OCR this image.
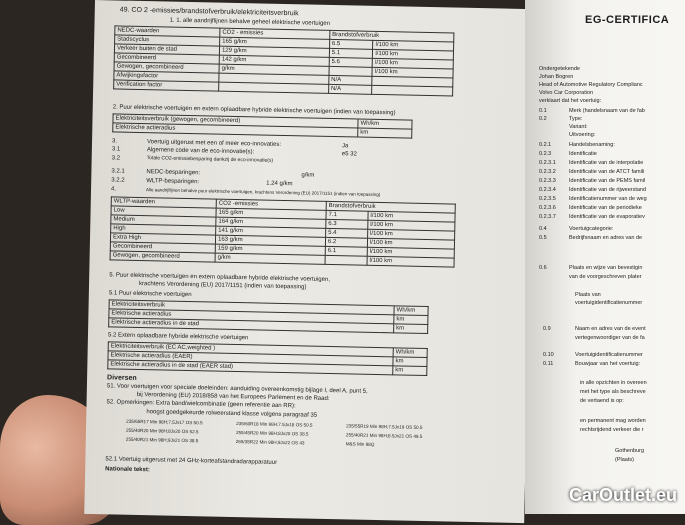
49. CO 2 -emissies/brandstofverbruik/elektriciteitsverbruik
1. 1. alle aandrijflijnen behalve geheel elektrische voertuigen
NEDC-waarden	CO2 - emissies	Brandstofverbruik	
Stadscyclus	165 g/km	6.5	l/100 km
Verkeer buiten de stad	129 g/km	5.1	l/100 km
Gecombineerd	142 g/km	5.6	l/100 km
Gewogen, gecombineerd	g/km		l/100 km
Afwijkingsfactor		N/A	
Verification factor		N/A	
2. Puur elektrische voertuigen en extern oplaadbare hybride elektrische voertuigen (indien van toepassing)
Elektriciteitsverbruik (gewogen, gecombineerd)	Wh/km
Elektrische actieradius	km
3.	Voertuig uitgerust met een of meer eco-innovaties:	Ja
3.1	Algemene code van de eco-innovatie(s):	e5 32
3.2	Totale CO2-emissiebesparing dankzij de eco-innovatie(s)
3.2.1	NEDC-besparingen:	g/km
3.2.2	WLTP-besparingen:	1.24 g/km
4.	Alle aandrijflijnen behalve puur elektrische voertuigen, krachtens Verordening (EU) 2017/1151 (indien van toepassing)
WLTP-waarden	CO2 -emissies	Brandstofverbruik	
Low	165 g/km	7.1	l/100 km
Medium	164 g/km	6.3	l/100 km
High	141 g/km	5.4	l/100 km
Extra High	163 g/km	6.2	l/100 km
Gecombineerd	159 g/km	6.1	l/100 km
Gewogen, gecombineerd	g/km		l/100 km
5. Puur elektrische voertuigen en extern oplaadbare hybride elektrische voertuigen,
krachtens Verordening (EU) 2017/1151 (indien van toepassing)
5.1 Puur elektrische voertuigen
Elektriciteitsverbruik	Wh/km
Elektrische actieradius	km
Elektrische actieradius in de stad	km
5.2 Extern oplaadbare hybride elektrische voertuigen
Elektriciteitsverbruik (EC AC,weighted )	Wh/km
Elektrische actieradius (EAER)	km
Elektrische actieradius in de stad (EAER stad)	km
Diversen
51. Voor voertuigen voor speciale doeleinden: aanduiding overeenkomstig bijlage I, deel A, punt 5,
bij Verordening (EU) 2018/858 van het Europees Parlement en de Raad:
52. Opmerkingen: Extra band/wielcombinatie (geen referentie aan RR):
hoogst goedgekeurde rolweerstand klasse volgens paragraaf 35
235/65R17 Min 98H;7.5Jx17 OS 50.5	235/60R18 Min 98H;7.5Jx18 OS 50.5	235/55R19 Min 98H;7.5Jx19 OS 50.5
255/40R20 Min 98H;8Jx20 OS 52.5	255/45R20 Min 98H;8Jx20 OS 38.5	255/40R21 Min 98H;8.5Jx21 OS 49.5
255/40R21 Min 98H;9Jx21 OS 38.5	265/35R22 Min 98H;9Jx22 OS 43	M&S Min 98Q
52.1 Voertuig uitgerust met 24 GHz-korteafstandradarapparatuur
Nationale tekst:
EG-CERTIFICA
Ondergetekende
Johan Bogren
Head of Automotive Regulatory Complianc
Volvo Car Corporation
verklaart dat het voertuig:
0.1	Merk (handelsnaam van de fab
0.2	Type:
Variant:
Uitvoering:
0.2.1	Handelsbenaming:
0.2.3	Identificatie
0.2.3.1 Identificatie van de interpolatie
0.2.3.2 Identificatie van de ATCT famili
0.2.3.3 Identificatie van de PEMS famil
0.2.3.4 Identificatie van de rijweerstand
0.2.3.5 Identificatienummer van de weg
0.2.3.6 Identificatie van de periodieke
0.2.3.7 Identificatie van de evaporatiev
0.4	Voertuigcategorie:
0.5	Bedrijfsnaam en adres van de
0.6	Plaats en wijze van bevestigin
van de voorgeschreven plater
Plaats van
voertuigidentificatienummer
0.9	Naam en adres van de event
vertegenwoordiger van de fa
0.10	Voertuigidentificatienummer
0.11	Bouwjaar van het voertuig:
in alle opzichten in overeen
met het type als beschreve
de vertaend is op:
en permanent mag worden
rechtsrijdend verkeer die r
Gothenburg
(Plaats)
CarOutlet.eu
